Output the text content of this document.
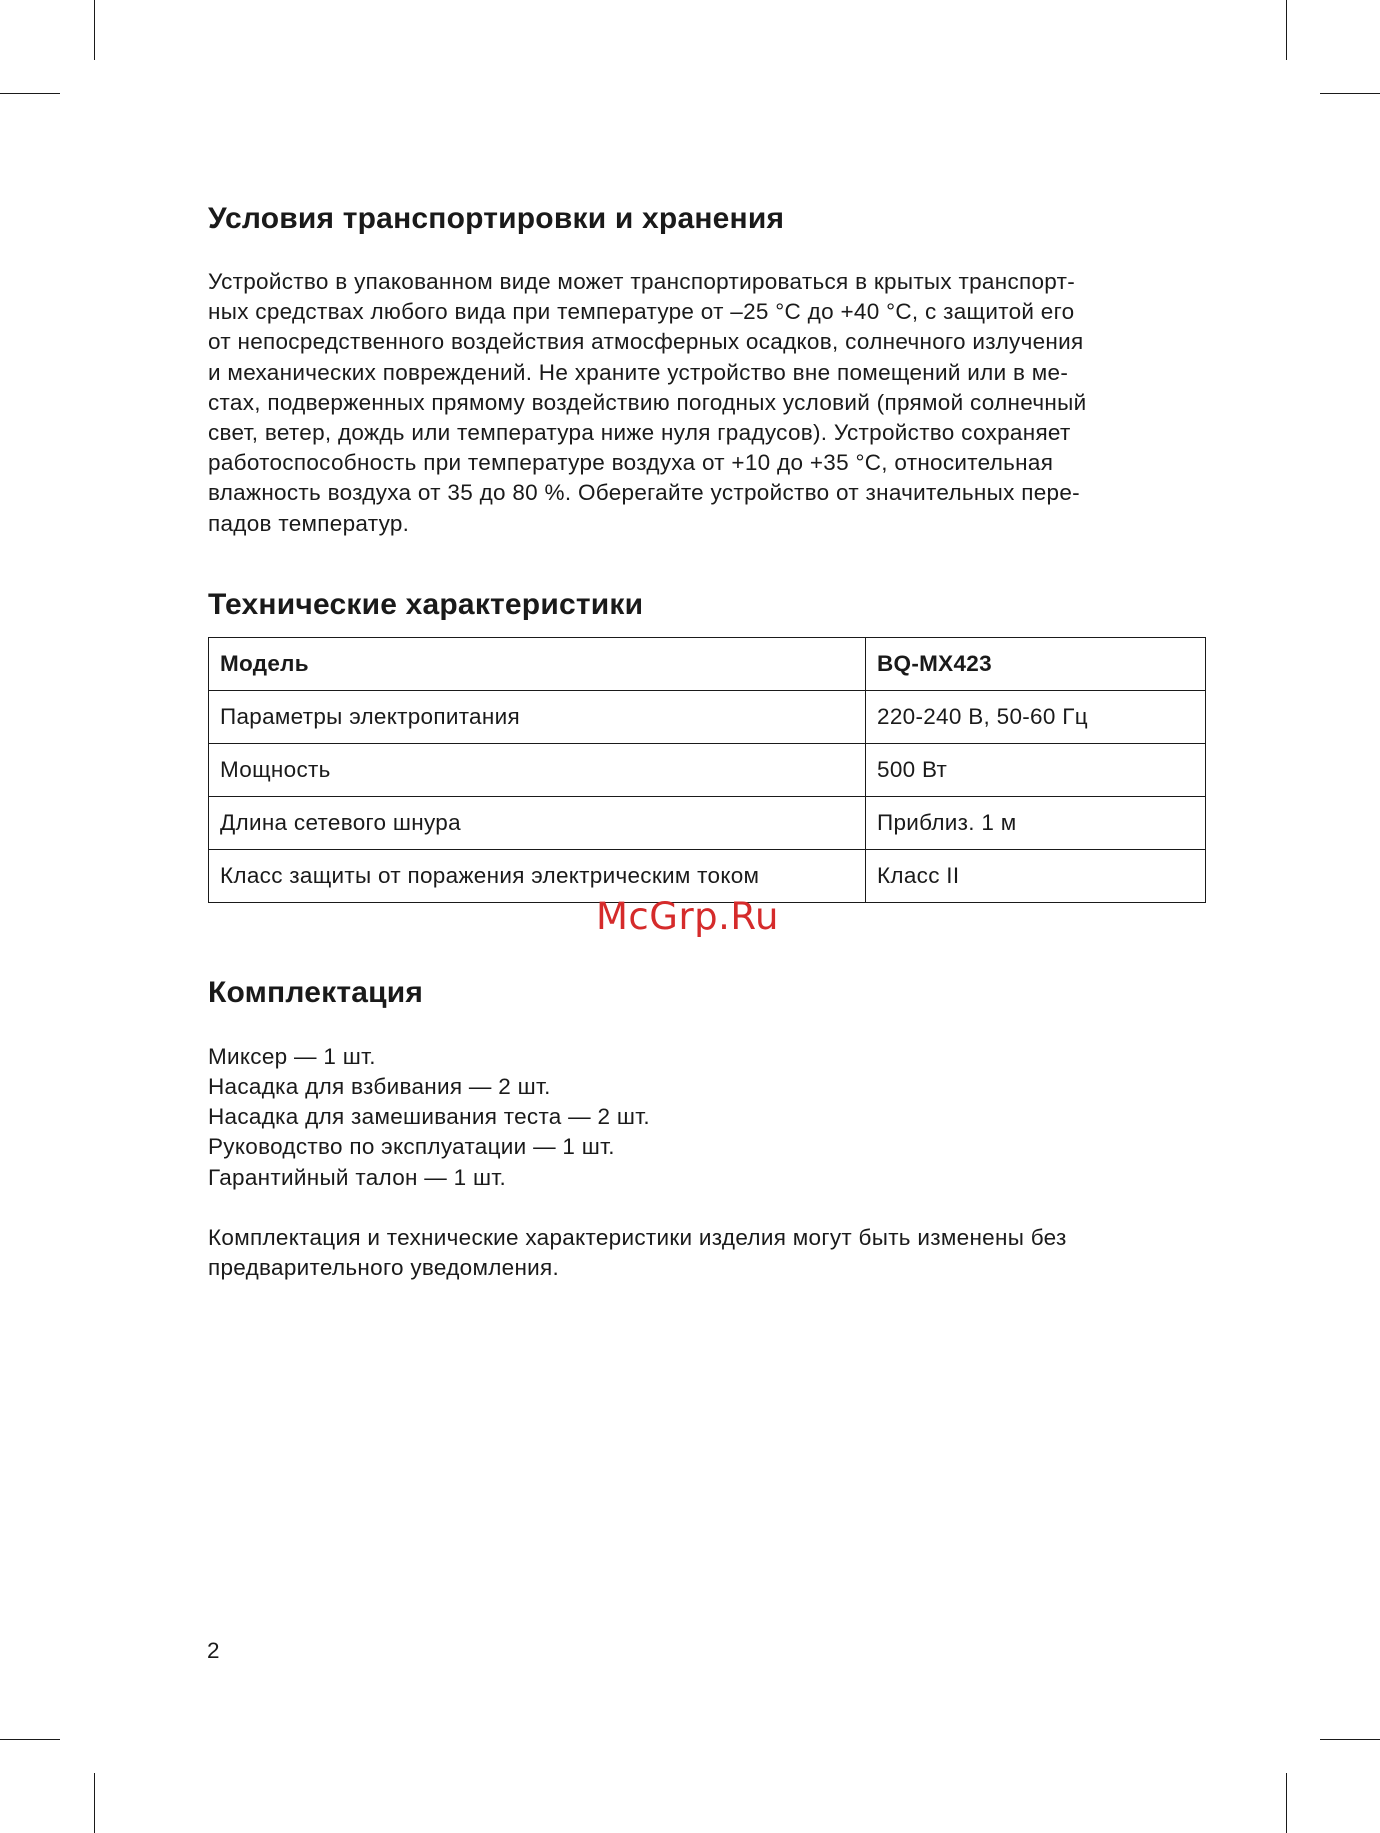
Условия транспортировки и хранения

Устройство в упакованном виде может транспортироваться в крытых транспорт-
ных средствах любого вида при температуре от –25 °C до +40 °C, с защитой его
от непосредственного воздействия атмосферных осадков, солнечного излучения
и механических повреждений. Не храните устройство вне помещений или в ме-
стах, подверженных прямому воздействию погодных условий (прямой солнечный
свет, ветер, дождь или температура ниже нуля градусов). Устройство сохраняет
работоспособность при температуре воздуха от +10 до +35 °С, относительная
влажность воздуха от 35 до 80 %. Оберегайте устройство от значительных пере-
падов температур.

Технические характеристики
Модель	BQ-MX423
Параметры электропитания	220-240 В, 50-60 Гц
Мощность	500 Вт
Длина сетевого шнура	Приблиз. 1 м
Класс защиты от поражения электрическим током	Класс II
Комплектация
Миксер — 1 шт.
Насадка для взбивания — 2 шт.
Насадка для замешивания теста — 2 шт.
Руководство по эксплуатации — 1 шт.
Гарантийный талон — 1 шт.

Комплектация и технические характеристики изделия могут быть изменены без
предварительного уведомления.

McGrp.Ru
2
